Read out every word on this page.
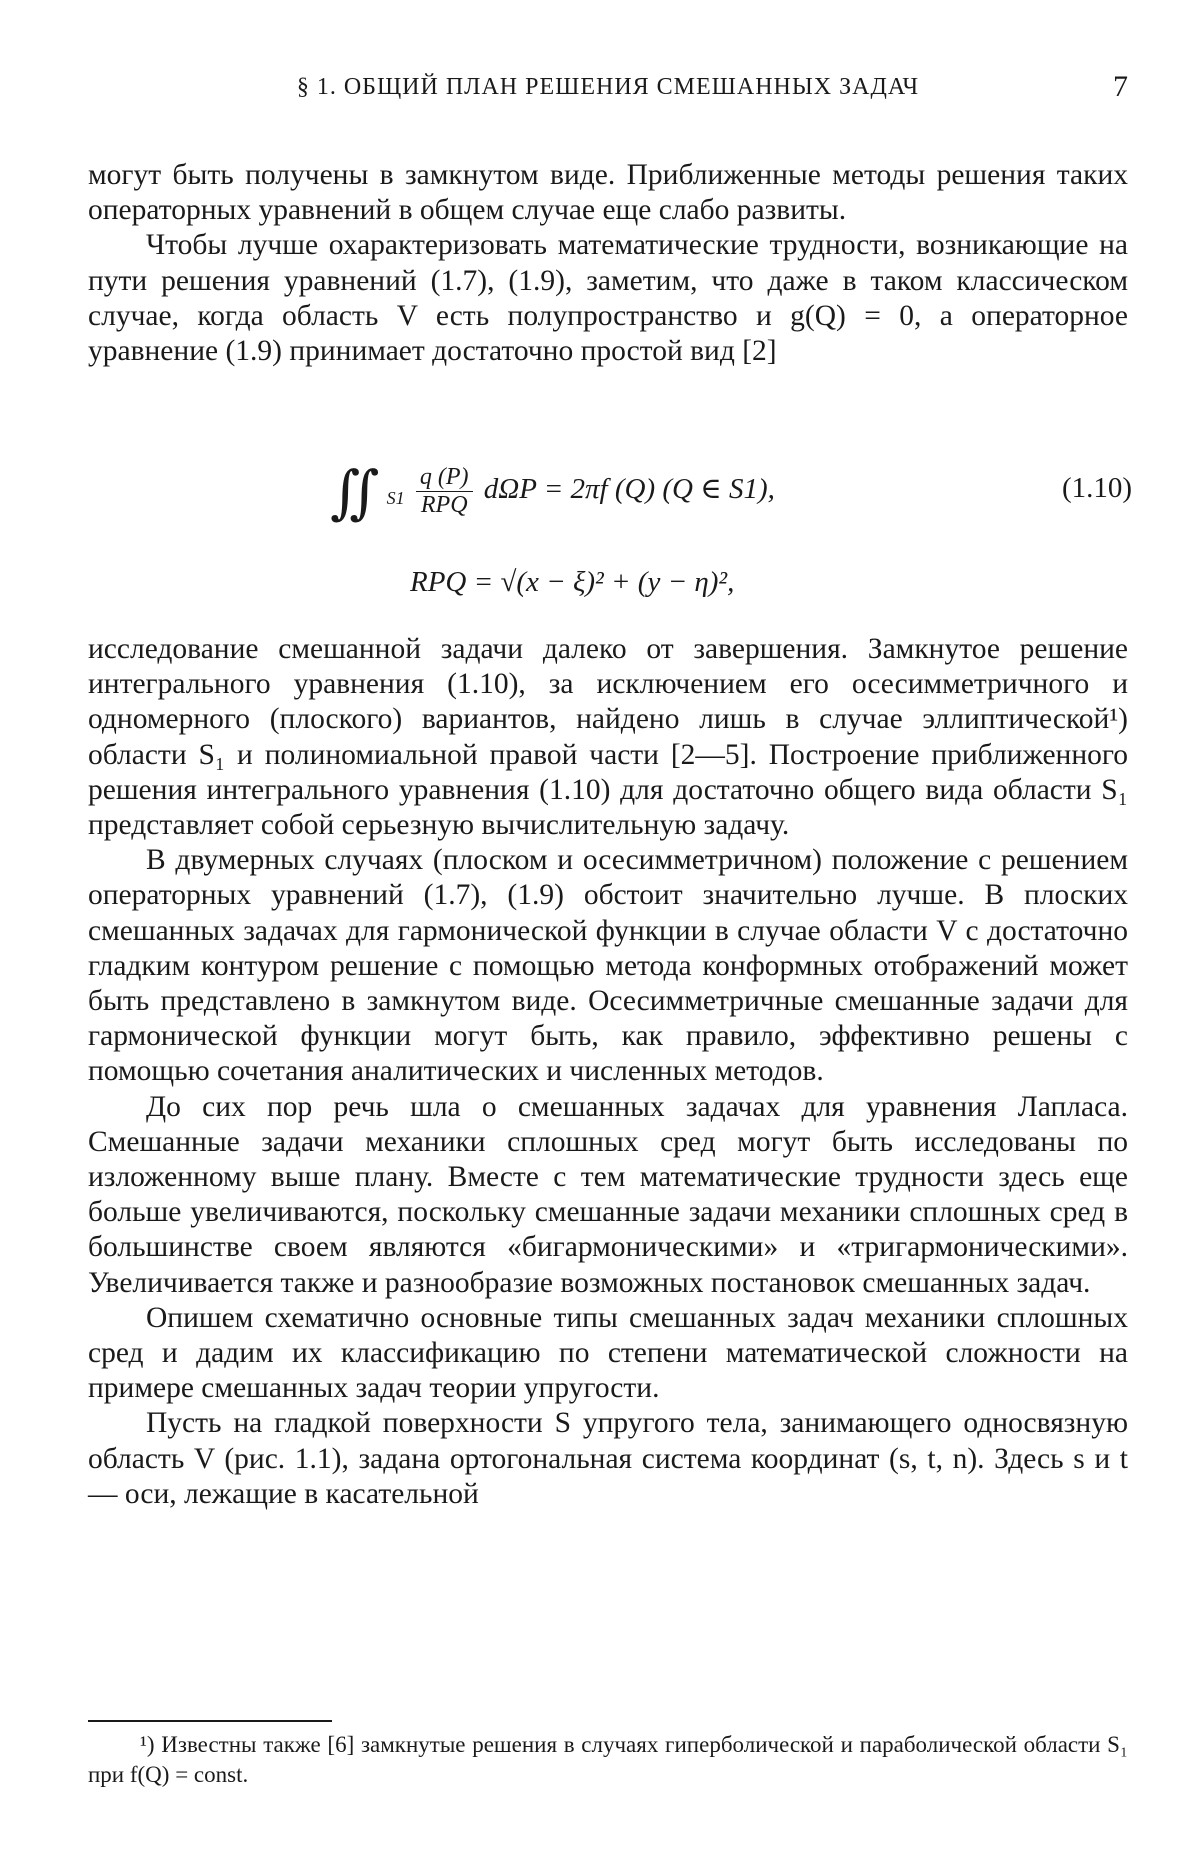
§ 1. ОБЩИЙ ПЛАН РЕШЕНИЯ СМЕШАННЫХ ЗАДАЧ	7

могут быть получены в замкнутом виде. Приближенные методы решения таких операторных уравнений в общем случае еще слабо развиты.

Чтобы лучше охарактеризовать математические трудности, возникающие на пути решения уравнений (1.7), (1.9), заметим, что даже в таком классическом случае, когда область V есть полупространство и g(Q) = 0, а операторное уравнение (1.9) принимает достаточно простой вид [2]

∬ $_{S1} \frac{q (P)}{\text{RPQ}}$ dΩP = 2πf (Q) (Q ∈ S1),	(1.10)
RPQ = √(x − ξ)² + (y − η)²,

исследование смешанной задачи далеко от завершения. Замкнутое решение интегрального уравнения (1.10), за исключением его осесимметричного и одномерного (плоского) вариантов, найдено лишь в случае эллиптической¹) области S₁ и полиномиальной правой части [2—5]. Построение приближенного решения интегрального уравнения (1.10) для достаточно общего вида области S₁ представляет собой серьезную вычислительную задачу.

В двумерных случаях (плоском и осесимметричном) положение с решением операторных уравнений (1.7), (1.9) обстоит значительно лучше. В плоских смешанных задачах для гармонической функции в случае области V с достаточно гладким контуром решение с помощью метода конформных отображений может быть представлено в замкнутом виде. Осесимметричные смешанные задачи для гармонической функции могут быть, как правило, эффективно решены с помощью сочетания аналитических и численных методов.

До сих пор речь шла о смешанных задачах для уравнения Лапласа. Смешанные задачи механики сплошных сред могут быть исследованы по изложенному выше плану. Вместе с тем математические трудности здесь еще больше увеличиваются, поскольку смешанные задачи механики сплошных сред в большинстве своем являются «бигармоническими» и «тригармоническими». Увеличивается также и разнообразие возможных постановок смешанных задач.

Опишем схематично основные типы смешанных задач механики сплошных сред и дадим их классификацию по степени математической сложности на примере смешанных задач теории упругости.

Пусть на гладкой поверхности S упругого тела, занимающего односвязную область V (рис. 1.1), задана ортогональная система координат (s, t, n). Здесь s и t — оси, лежащие в касательной

¹) Известны также [6] замкнутые решения в случаях гиперболической и параболической области S₁ при f(Q) = const.
